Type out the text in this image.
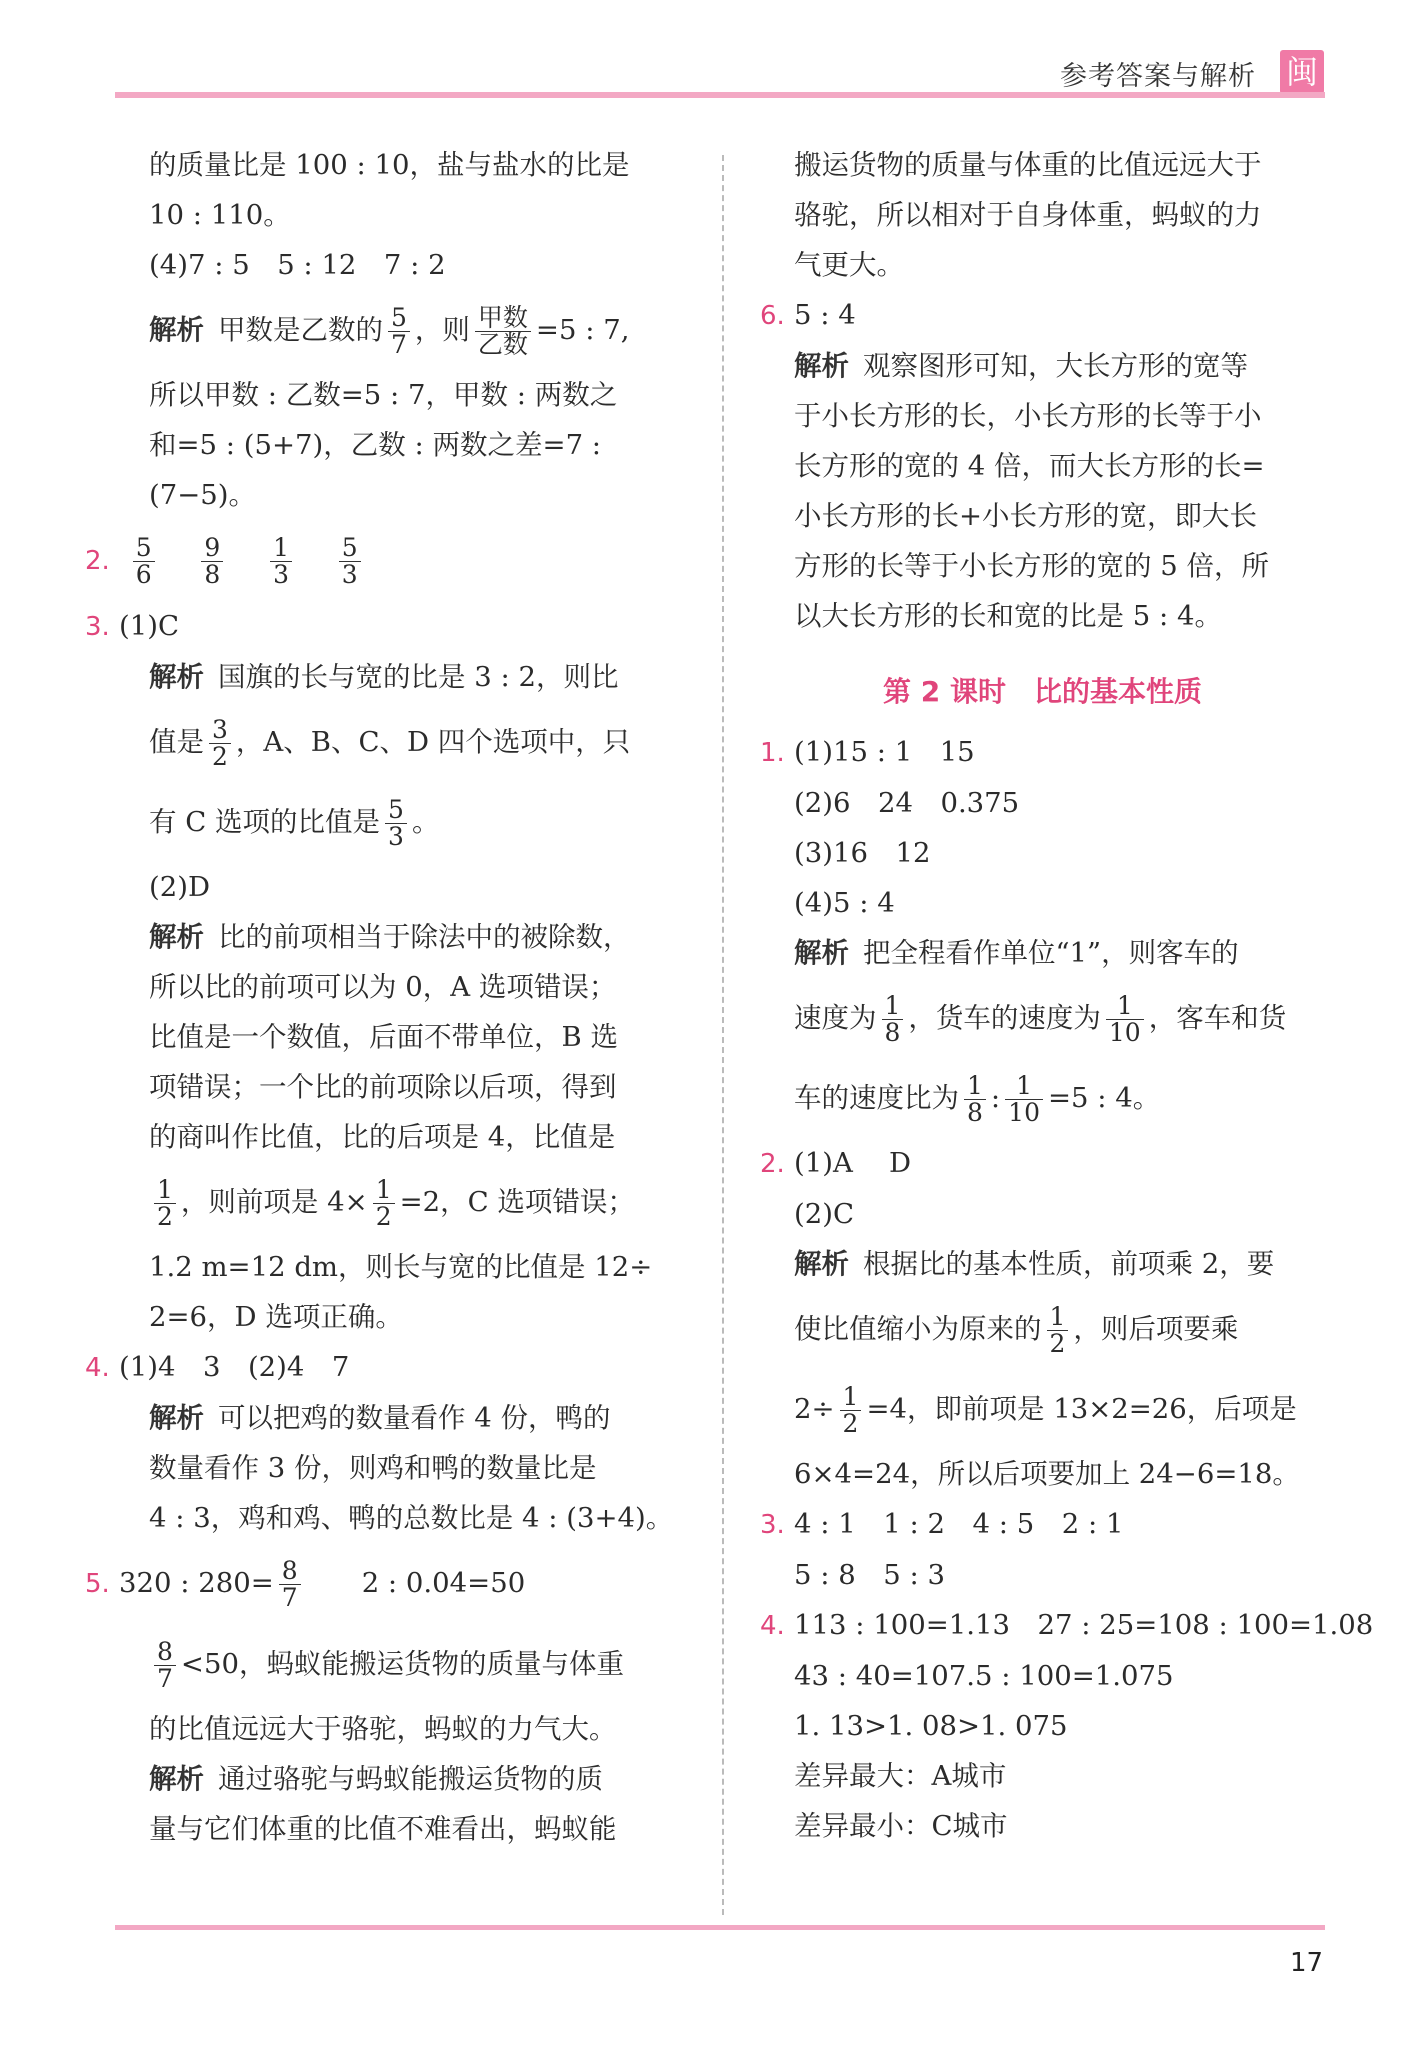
参考答案与解析 闽
的质量比是 100 : 10，盐与盐水的比是
10 : 110。
(4)7 : 5　5 : 12　7 : 2
解析 甲数是乙数的 $\frac{5}{7}$ ，则 $\frac{\text{甲数}}{\text{乙数}} =5$ : 7,
所以甲数 : 乙数=5 : 7，甲数 : 两数之
和=5 : (5+7)，乙数 : 两数之差=7 :
(7−5)。
2. $\frac{5}{6}$
$\frac{9}{8}$
$\frac{1}{3}$
$\frac{5}{3}$
3. (1)C
解析 国旗的长与宽的比是 3 : 2，则比
值是 $\frac{3}{2}$ ，A、B、C、D 四个选项中，只
有 C 选项的比值是 $\frac{5}{3}$ 。
(2)D
解析 比的前项相当于除法中的被除数，
所以比的前项可以为 0，A 选项错误；
比值是一个数值，后面不带单位，B 选
项错误；一个比的前项除以后项，得到
的商叫作比值，比的后项是 4，比值是
$\frac{1}{2}$ ，则前项是 $4\times \frac{1}{2} =2$，C 选项错误；
1.2 m=12 dm，则长与宽的比值是 12÷
2=6，D 选项正确。
4. (1)4　3　(2)4　7
解析 可以把鸡的数量看作 4 份，鸭的
数量看作 3 份，则鸡和鸭的数量比是
4 : 3，鸡和鸡、鸭的总数比是 4 : (3+4)。
5. 320 : $280= \frac{8}{7} 2$ : 0.04=50
$\frac{8}{7} <50$，蚂蚁能搬运货物的质量与体重
的比值远远大于骆驼，蚂蚁的力气大。
解析 通过骆驼与蚂蚁能搬运货物的质
量与它们体重的比值不难看出，蚂蚁能
搬运货物的质量与体重的比值远远大于
骆驼，所以相对于自身体重，蚂蚁的力
气更大。
6. 5 : 4
解析 观察图形可知，大长方形的宽等
于小长方形的长，小长方形的长等于小
长方形的宽的 4 倍，而大长方形的长=
小长方形的长+小长方形的宽，即大长
方形的长等于小长方形的宽的 5 倍，所
以大长方形的长和宽的比是 5 : 4。
第 2 课时　比的基本性质
1. (1)15 : 1　15
(2)6　24　0.375
(3)16　12
(4)5 : 4
解析 把全程看作单位“1”，则客车的
速度为 $\frac{1}{8}$ ，货车的速度为 $\frac{1}{10}$ ，客车和货
车的速度比为 $\frac{1}{8}$ : $\frac{1}{10} =5$ : 4。
2. (1)A　 D
(2)C
解析 根据比的基本性质，前项乘 2，要
使比值缩小为原来的 $\frac{1}{2}$ ，则后项要乘
$2\div \frac{1}{2} =4$，即前项是 13×2=26，后项是
6×4=24，所以后项要加上 24−6=18。
3. 4 : 1　1 : 2　4 : 5　2 : 1
5 : 8　5 : 3
4. 113 : 100=1.13　27 : 25=108 : 100=1.08
43 : 40=107.5 : 100=1.075
1. 13>1. 08>1. 075
差异最大：A城市
差异最小：C城市
17
